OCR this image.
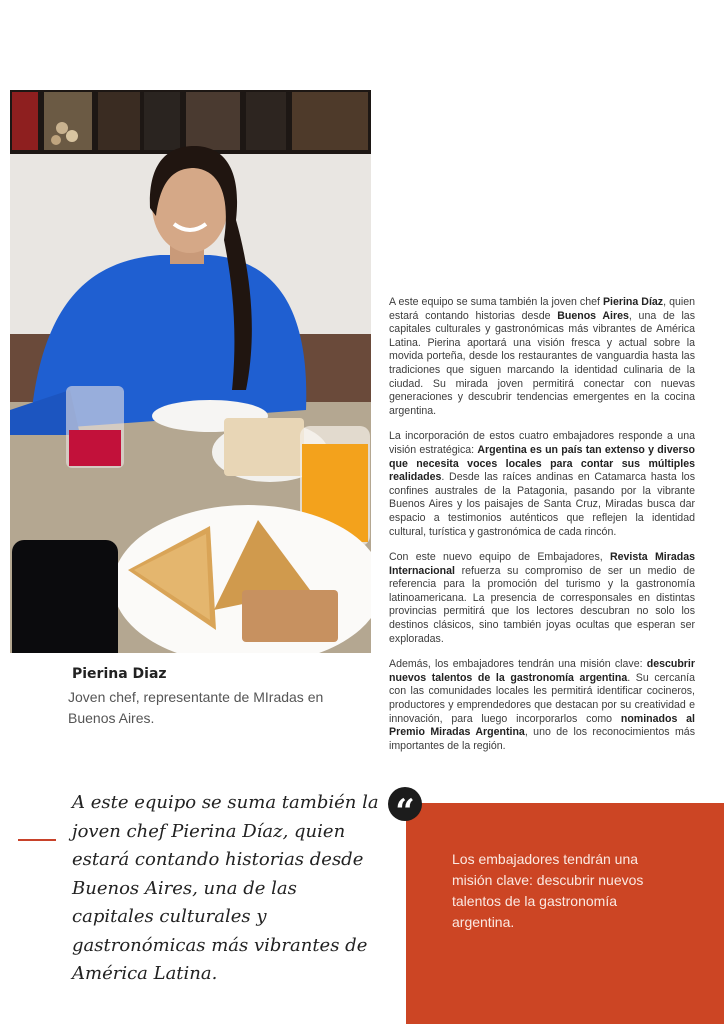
Pierina Diaz
Joven chef, representante de MIradas en Buenos Aires.

A este equipo se suma también la joven chef Pierina Díaz, quien estará contando historias desde Buenos Aires, una de las capitales culturales y gastronómicas más vibrantes de América Latina. Pierina aportará una visión fresca y actual sobre la movida porteña, desde los restaurantes de vanguardia hasta las tradiciones que siguen marcando la identidad culinaria de la ciudad. Su mirada joven permitirá conectar con nuevas generaciones y descubrir tendencias emergentes en la cocina argentina.

La incorporación de estos cuatro embajadores responde a una visión estratégica: Argentina es un país tan extenso y diverso que necesita voces locales para contar sus múltiples realidades. Desde las raíces andinas en Catamarca hasta los confines australes de la Patagonia, pasando por la vibrante Buenos Aires y los paisajes de Santa Cruz, Miradas busca dar espacio a testimonios auténticos que reflejen la identidad cultural, turística y gastronómica de cada rincón.

Con este nuevo equipo de Embajadores, Revista Miradas Internacional refuerza su compromiso de ser un medio de referencia para la promoción del turismo y la gastronomía latinoamericana. La presencia de corresponsales en distintas provincias permitirá que los lectores descubran no solo los destinos clásicos, sino también joyas ocultas que esperan ser exploradas.

Además, los embajadores tendrán una misión clave: descubrir nuevos talentos de la gastronomía argentina. Su cercanía con las comunidades locales les permitirá identificar cocineros, productores y emprendedores que destacan por su creatividad e innovación, para luego incorporarlos como nominados al Premio Miradas Argentina, uno de los reconocimientos más importantes de la región.

A este equipo se suma también la joven chef Pierina Díaz, quien estará contando historias desde Buenos Aires, una de las capitales culturales y gastronómicas más vibrantes de América Latina.
“
Los embajadores tendrán una misión clave: descubrir nuevos talentos de la gastronomía argentina.
